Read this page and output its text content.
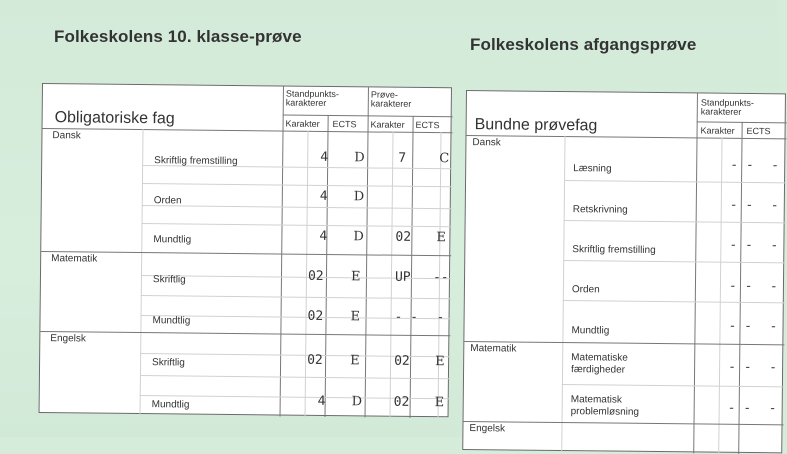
Folkeskolens 10. klasse-prøve	Folkeskolens afgangsprøve
Standpunkts-
karakterer
Prøve-
karakterer
Karakter ECTS Karakter ECTS
Obligatoriske fag
Dansk
Skriftlig fremstilling	4 D	7	C
Orden	4 D
Mundtlig	4 D 02 E
Matematik
Skriftlig	02 E	UP --
Mundtlig	02 E	- - -
Engelsk
Skriftlig	02 E	02 E
Mundtlig	4 D 02 E
Standpunkts-
karakterer
Karakter ECTS
Bundne prøvefag
Dansk
Læsning	- - -
Retskrivning	- - -
Skriftlig fremstilling	- - -
Orden	- - -
Mundtlig	- - -
Matematik
Matematiske
færdigheder	- - -
Matematisk
problemløsning	- - -
Engelsk
